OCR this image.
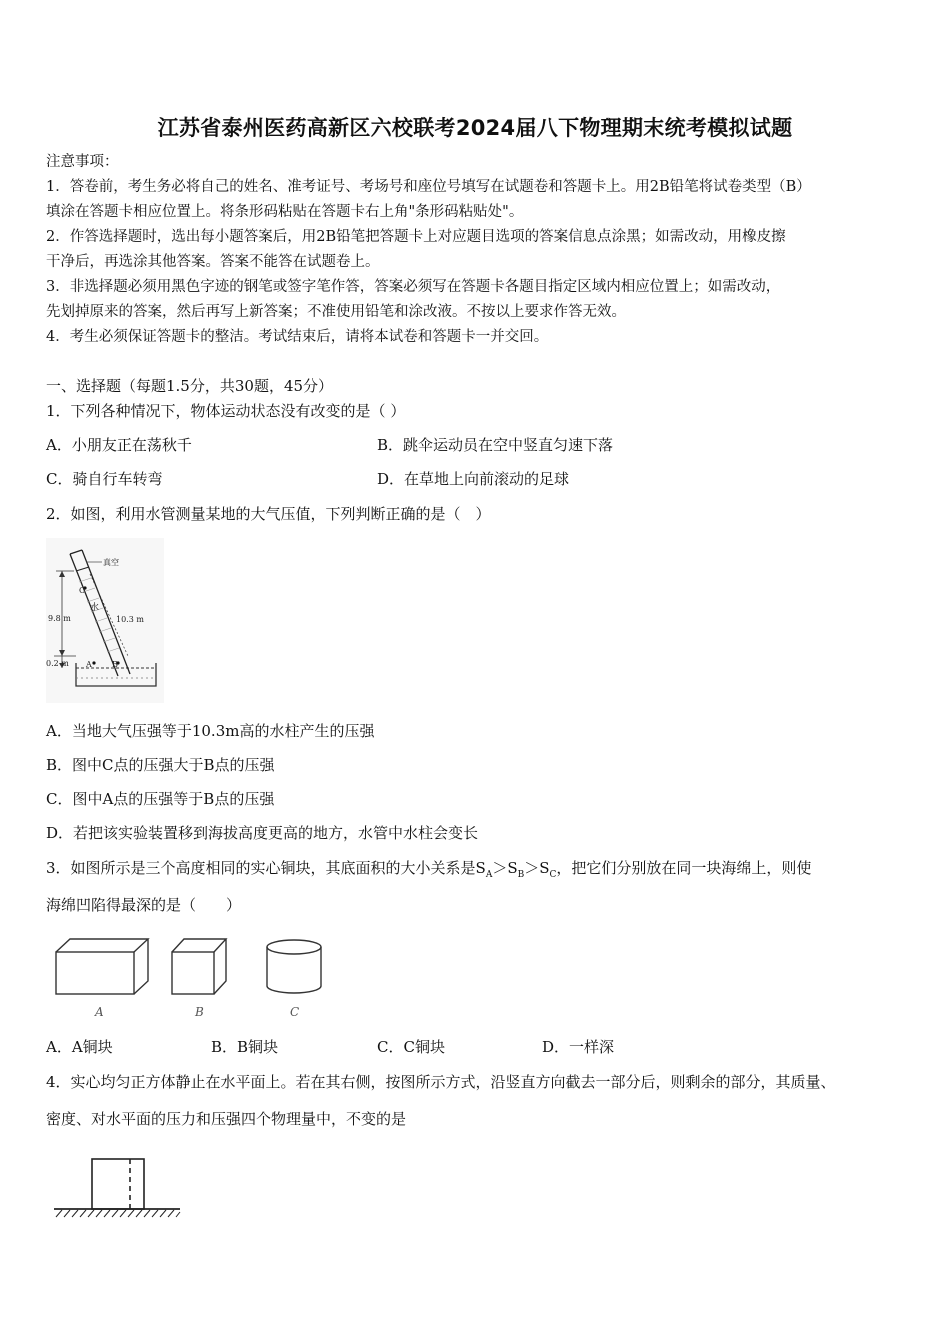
江苏省泰州医药高新区六校联考2024届八下物理期末统考模拟试题
注意事项：
1．答卷前，考生务必将自己的姓名、准考证号、考场号和座位号填写在试题卷和答题卡上。用2B铅笔将试卷类型（B）
填涂在答题卡相应位置上。将条形码粘贴在答题卡右上角"条形码粘贴处"。
2．作答选择题时，选出每小题答案后，用2B铅笔把答题卡上对应题目选项的答案信息点涂黑；如需改动，用橡皮擦
干净后，再选涂其他答案。答案不能答在试题卷上。
3．非选择题必须用黑色字迹的钢笔或签字笔作答，答案必须写在答题卡各题目指定区域内相应位置上；如需改动，
先划掉原来的答案，然后再写上新答案；不准使用铅笔和涂改液。不按以上要求作答无效。
4．考生必须保证答题卡的整洁。考试结束后，请将本试卷和答题卡一并交回。
一、选择题（每题1.5分，共30题，45分）
1．下列各种情况下，物体运动状态没有改变的是（ ）
A．小朋友正在荡秋千	B．跳伞运动员在空中竖直匀速下落
C．骑自行车转弯	D．在草地上向前滚动的足球
2．如图，利用水管测量某地的大气压值，下列判断正确的是（　）
真空
C
水
9.8 m	10.3 m
0.2 m A	B
A．当地大气压强等于10.3m高的水柱产生的压强
B．图中C点的压强大于B点的压强
C．图中A点的压强等于B点的压强
D．若把该实验装置移到海拔高度更高的地方，水管中水柱会变长
3．如图所示是三个高度相同的实心铜块，其底面积的大小关系是$S_A>S_B>S_C$，把它们分别放在同一块海绵上，则使
海绵凹陷得最深的是（　　）
A	B	C
A．A铜块	B．B铜块	C．C铜块	D．一样深
4．实心均匀正方体静止在水平面上。若在其右侧，按图所示方式，沿竖直方向截去一部分后，则剩余的部分，其质量、
密度、对水平面的压力和压强四个物理量中，不变的是
